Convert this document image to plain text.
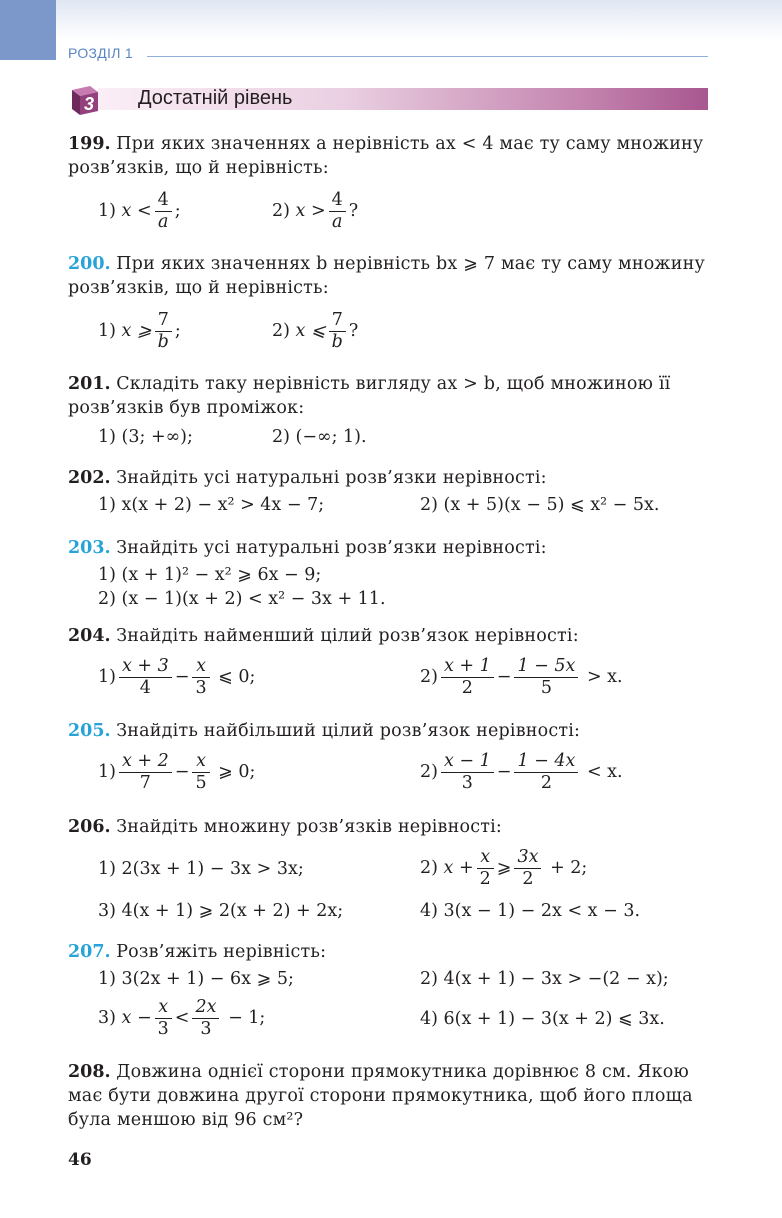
РОЗДІЛ 1
3 Достатній рівень
199. При яких значеннях a нерівність ax < 4 має ту саму множину розв’язків, що й нерівність:
1) $x < \frac{4}{a}$ ;	2) $x > \frac{4}{a}$ ?
200. При яких значеннях b нерівність bx ⩾ 7 має ту саму множину розв’язків, що й нерівність:
1) x ⩾ $\frac{7}{b}$ ;	2) x ⩽ $\frac{7}{b}$ ?
201. Складіть таку нерівність вигляду ax > b, щоб множиною її розв’язків був проміжок:
1) (3; +∞);	2) (−∞; 1).
202. Знайдіть усі натуральні розв’язки нерівності:
1) x(x + 2) − x² > 4x − 7;	2) (x + 5)(x − 5) ⩽ x² − 5x.
203. Знайдіть усі натуральні розв’язки нерівності:
1) (x + 1)² − x² ⩾ 6x − 9;
2) (x − 1)(x + 2) < x² − 3x + 11.
204. Знайдіть найменший цілий розв’язок нерівності:
$1) \frac{x + 3}{4} - \frac{x}{3}$ ⩽ 0;	$2) \frac{x + 1}{2} - \frac{1 - 5x}{5} > x$.
205. Знайдіть найбільший цілий розв’язок нерівності:
$1) \frac{x + 2}{7} - \frac{x}{5}$ ⩾ 0;	$2) \frac{x - 1}{3} - \frac{1 - 4x}{2} < x$.
206. Знайдіть множину розв’язків нерівності:
1) 2(3x + 1) − 3x > 3x;	2) $x + \frac{x}{2}$ ⩾ $\frac{3x}{2} + 2$;
3) 4(x + 1) ⩾ 2(x + 2) + 2x;	4) 3(x − 1) − 2x < x − 3.
207. Розв’яжіть нерівність:
1) 3(2x + 1) − 6x ⩾ 5;	2) 4(x + 1) − 3x > −(2 − x);
3) $x - \frac{x}{3} < \frac{2x}{3} - 1$;	4) 6(x + 1) − 3(x + 2) ⩽ 3x.
208. Довжина однієї сторони прямокутника дорівнює 8 см. Якою має бути довжина другої сторони прямокутника, щоб його площа була меншою від 96 см²?
46
